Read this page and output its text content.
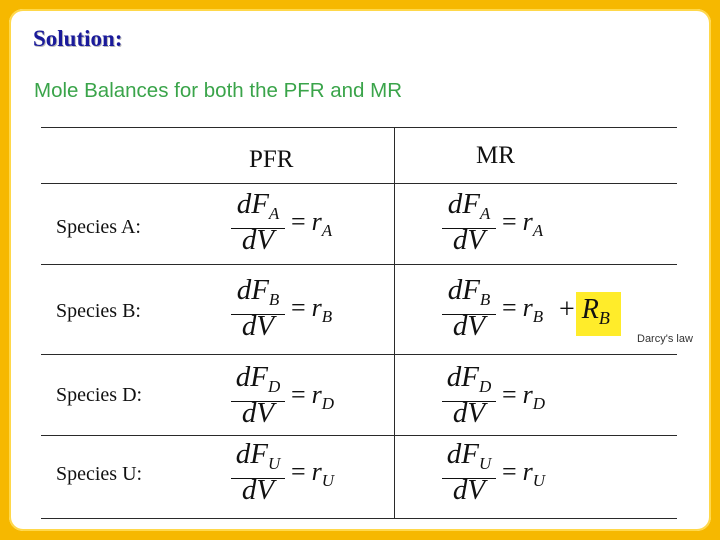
Solution:
Mole Balances for both the PFR and MR
PFR	MR
Species A:
Species B:
Species D:
Species U:
+ $R_B$
Darcy's law
$dF_A$
dV
= $r_A$
$dF_A$
dV
= $r_A$
$dF_B$
dV
= $r_B$
$dF_B$
dV
= $r_B$
$dF_D$
dV
= $r_D$
$dF_D$
dV
= $r_D$
$dF_U$
dV
= $r_U$
$dF_U$
dV
= $r_U$
